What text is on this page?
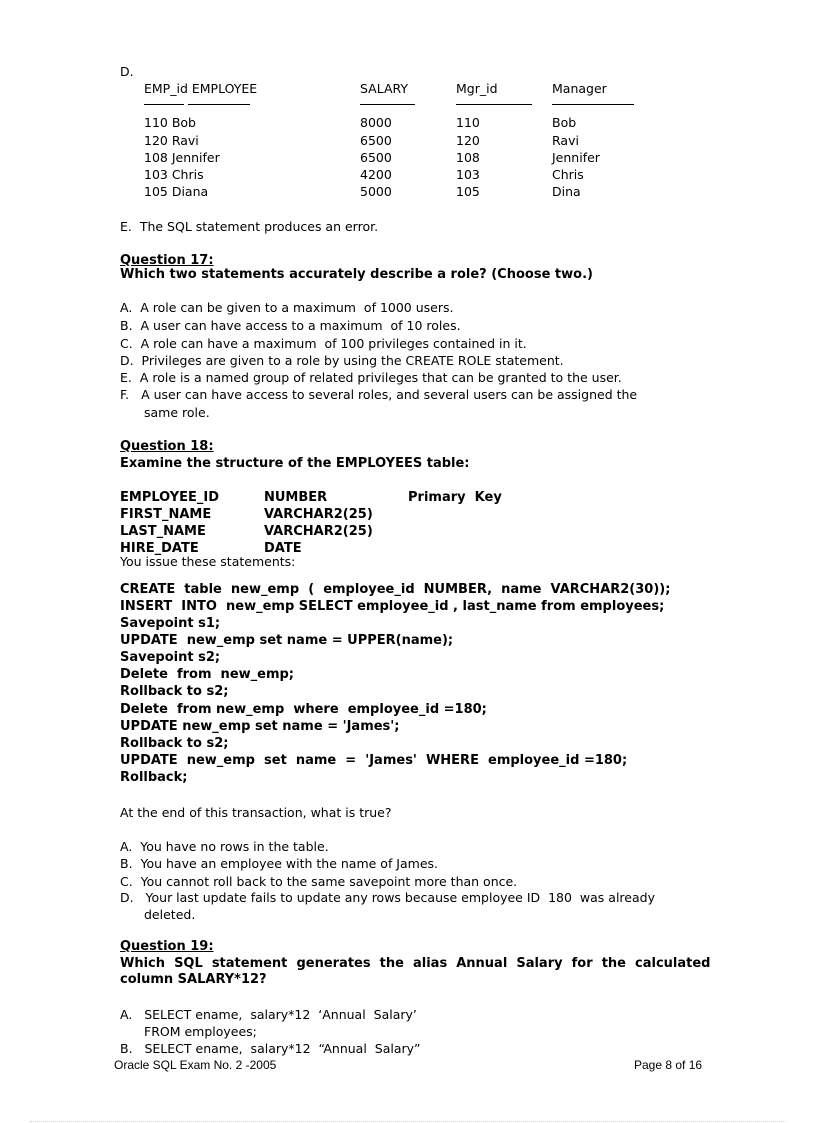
D.
EMP_id EMPLOYEE	SALARY	Mgr_id	Manager
110 Bob	8000	110	Bob
120 Ravi	6500	120	Ravi
108 Jennifer	6500	108	Jennifer
103 Chris	4200	103	Chris
105 Diana	5000	105	Dina
E.  The SQL statement produces an error.
Question 17:
Which two statements accurately describe a role? (Choose two.)
A.  A role can be given to a maximum  of 1000 users.
B.  A user can have access to a maximum  of 10 roles.
C.  A role can have a maximum  of 100 privileges contained in it.
D.  Privileges are given to a role by using the CREATE ROLE statement.
E.  A role is a named group of related privileges that can be granted to the user.
F.   A user can have access to several roles, and several users can be assigned the
same role.
Question 18:
Examine the structure of the EMPLOYEES table:
EMPLOYEE_ID	NUMBER	Primary  Key
FIRST_NAME	VARCHAR2(25)
LAST_NAME	VARCHAR2(25)
HIRE_DATE	DATE
You issue these statements:
CREATE  table  new_emp  (  employee_id  NUMBER,  name  VARCHAR2(30));
INSERT  INTO  new_emp SELECT employee_id , last_name from employees;
Savepoint s1;
UPDATE  new_emp set name = UPPER(name);
Savepoint s2;
Delete  from  new_emp;
Rollback to s2;
Delete  from new_emp  where  employee_id =180;
UPDATE new_emp set name = 'James';
Rollback to s2;
UPDATE  new_emp  set  name  =  'James'  WHERE  employee_id =180;
Rollback;
At the end of this transaction, what is true?
A.  You have no rows in the table.
B.  You have an employee with the name of James.
C.  You cannot roll back to the same savepoint more than once.
D.   Your last update fails to update any rows because employee ID  180  was already
deleted.
Question 19:
Which  SQL  statement  generates  the  alias  Annual  Salary  for  the  calculated
column SALARY*12?
A.   SELECT ename,  salary*12  ‘Annual  Salary’
FROM employees;
B.   SELECT ename,  salary*12  “Annual  Salary”
Oracle SQL Exam No. 2 -2005	Page 8 of 16
